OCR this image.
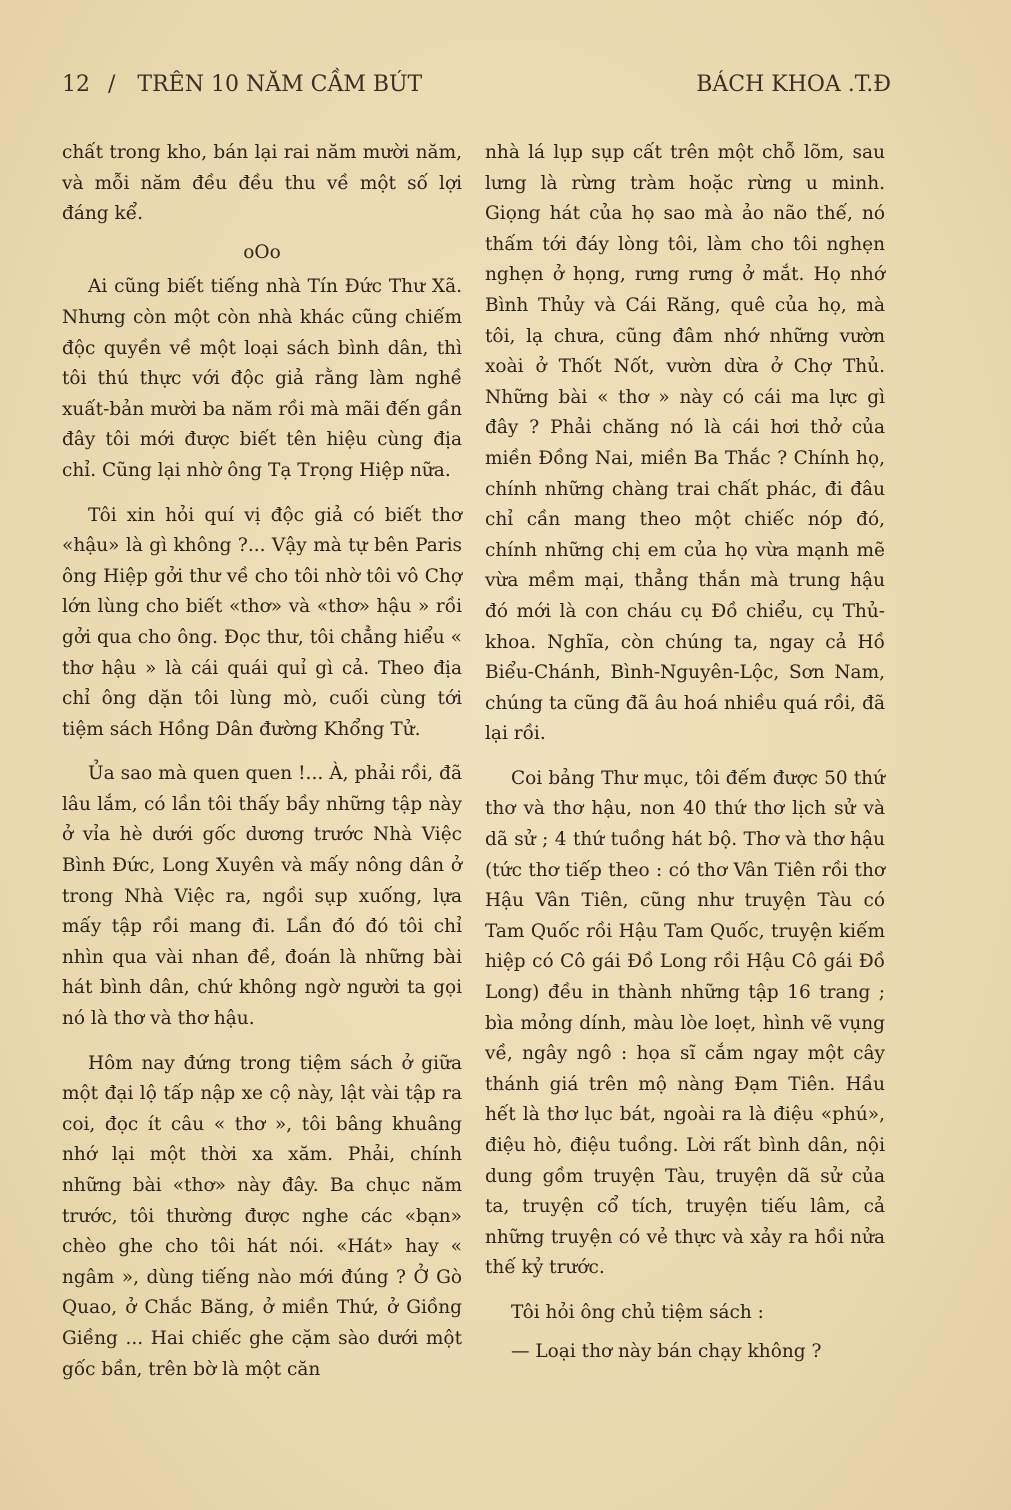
12 / TRÊN 10 NĂM CẦM BÚT	BÁCH KHOA .T.Đ

chất trong kho, bán lại rai năm mười năm, và mỗi năm đều đều thu về một số lợi đáng kể.

oOo

Ai cũng biết tiếng nhà Tín Đức Thư Xã. Nhưng còn một còn nhà khác cũng chiếm độc quyền về một loại sách bình dân, thì tôi thú thực với độc giả rằng làm nghề xuất-bản mười ba năm rồi mà mãi đến gần đây tôi mới được biết tên hiệu cùng địa chỉ. Cũng lại nhờ ông Tạ Trọng Hiệp nữa.

Tôi xin hỏi quí vị độc giả có biết thơ «hậu» là gì không ?... Vậy mà tự bên Paris ông Hiệp gởi thư về cho tôi nhờ tôi vô Chợ lớn lùng cho biết «thơ» và «thơ» hậu » rồi gởi qua cho ông. Đọc thư, tôi chẳng hiểu « thơ hậu » là cái quái quỉ gì cả. Theo địa chỉ ông dặn tôi lùng mò, cuối cùng tới tiệm sách Hồng Dân đường Khổng Tử.

Ủa sao mà quen quen !... À, phải rồi, đã lâu lắm, có lần tôi thấy bầy những tập này ở vỉa hè dưới gốc dương trước Nhà Việc Bình Đức, Long Xuyên và mấy nông dân ở trong Nhà Việc ra, ngồi sụp xuống, lựa mấy tập rồi mang đi. Lần đó đó tôi chỉ nhìn qua vài nhan đề, đoán là những bài hát bình dân, chứ không ngờ người ta gọi nó là thơ và thơ hậu.

Hôm nay đứng trong tiệm sách ở giữa một đại lộ tấp nập xe cộ này, lật vài tập ra coi, đọc ít câu « thơ », tôi bâng khuâng nhớ lại một thời xa xăm. Phải, chính những bài «thơ» này đây. Ba chục năm trước, tôi thường được nghe các «bạn» chèo ghe cho tôi hát nói. «Hát» hay « ngâm », dùng tiếng nào mới đúng ? Ở Gò Quao, ở Chắc Băng, ở miền Thứ, ở Giồng Giềng ... Hai chiếc ghe cặm sào dưới một gốc bần, trên bờ là một căn

nhà lá lụp sụp cất trên một chỗ lõm, sau lưng là rừng tràm hoặc rừng u minh. Giọng hát của họ sao mà ảo não thế, nó thấm tới đáy lòng tôi, làm cho tôi nghẹn nghẹn ở họng, rưng rưng ở mắt. Họ nhớ Bình Thủy và Cái Răng, quê của họ, mà tôi, lạ chưa, cũng đâm nhớ những vườn xoài ở Thốt Nốt, vườn dừa ở Chợ Thủ. Những bài « thơ » này có cái ma lực gì đây ? Phải chăng nó là cái hơi thở của miền Đồng Nai, miền Ba Thắc ? Chính họ, chính những chàng trai chất phác, đi đâu chỉ cần mang theo một chiếc nóp đó, chính những chị em của họ vừa mạnh mẽ vừa mềm mại, thẳng thắn mà trung hậu đó mới là con cháu cụ Đồ chiểu, cụ Thủ-khoa. Nghĩa, còn chúng ta, ngay cả Hồ Biểu-Chánh, Bình-Nguyên-Lộc, Sơn Nam, chúng ta cũng đã âu hoá nhiều quá rồi, đã lại rồi.

Coi bảng Thư mục, tôi đếm được 50 thứ thơ và thơ hậu, non 40 thứ thơ lịch sử và dã sử ; 4 thứ tuồng hát bộ. Thơ và thơ hậu (tức thơ tiếp theo : có thơ Vân Tiên rồi thơ Hậu Vân Tiên, cũng như truyện Tàu có Tam Quốc rồi Hậu Tam Quốc, truyện kiếm hiệp có Cô gái Đồ Long rồi Hậu Cô gái Đồ Long) đều in thành những tập 16 trang ; bìa mỏng dính, màu lòe loẹt, hình vẽ vụng về, ngây ngô : họa sĩ cắm ngay một cây thánh giá trên mộ nàng Đạm Tiên. Hầu hết là thơ lục bát, ngoài ra là điệu «phú», điệu hò, điệu tuồng. Lời rất bình dân, nội dung gồm truyện Tàu, truyện dã sử của ta, truyện cổ tích, truyện tiếu lâm, cả những truyện có vẻ thực và xảy ra hồi nửa thế kỷ trước.

Tôi hỏi ông chủ tiệm sách :

— Loại thơ này bán chạy không ?
